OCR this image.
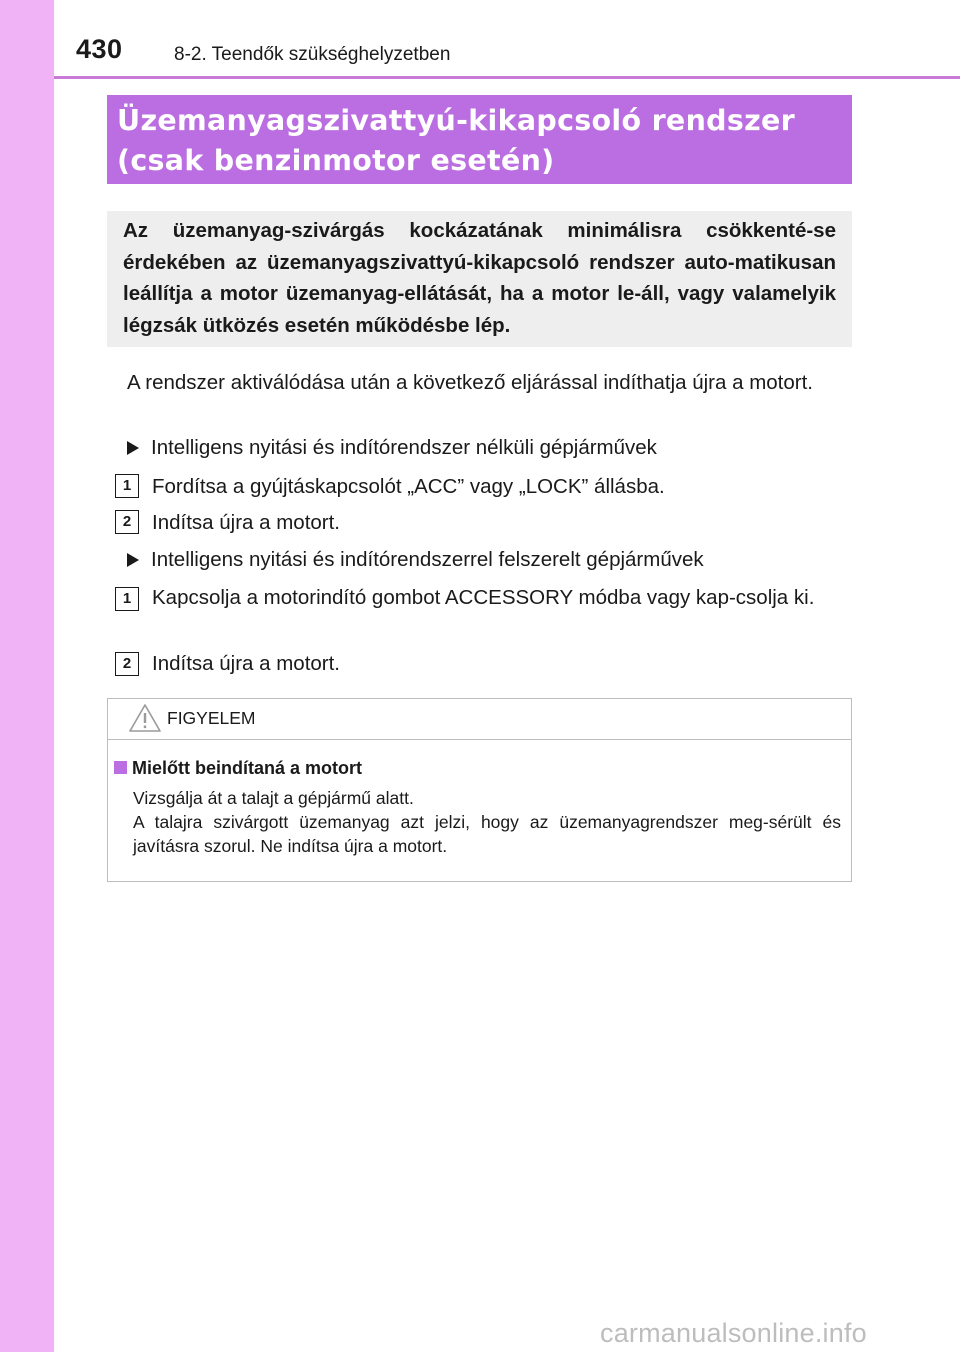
430	8-2. Teendők szükséghelyzetben
Üzemanyagszivattyú-kikapcsoló rendszer
(csak benzinmotor esetén)
Az üzemanyag-szivárgás kockázatának minimálisra csökkenté-se érdekében az üzemanyagszivattyú-kikapcsoló rendszer auto-matikusan leállítja a motor üzemanyag-ellátását, ha a motor le-áll, vagy valamelyik légzsák ütközés esetén működésbe lép.
A rendszer aktiválódása után a következő eljárással indíthatja újra a motort.
Intelligens nyitási és indítórendszer nélküli gépjárművek
1	Fordítsa a gyújtáskapcsolót „ACC” vagy „LOCK” állásba.
2	Indítsa újra a motort.
Intelligens nyitási és indítórendszerrel felszerelt gépjárművek
1	Kapcsolja a motorindító gombot ACCESSORY módba vagy kap-csolja ki.
2	Indítsa újra a motort.
FIGYELEM
Mielőtt beindítaná a motort
Vizsgálja át a talajt a gépjármű alatt.
A talajra szivárgott üzemanyag azt jelzi, hogy az üzemanyagrendszer meg-sérült és javításra szorul. Ne indítsa újra a motort.
carmanualsonline.info
